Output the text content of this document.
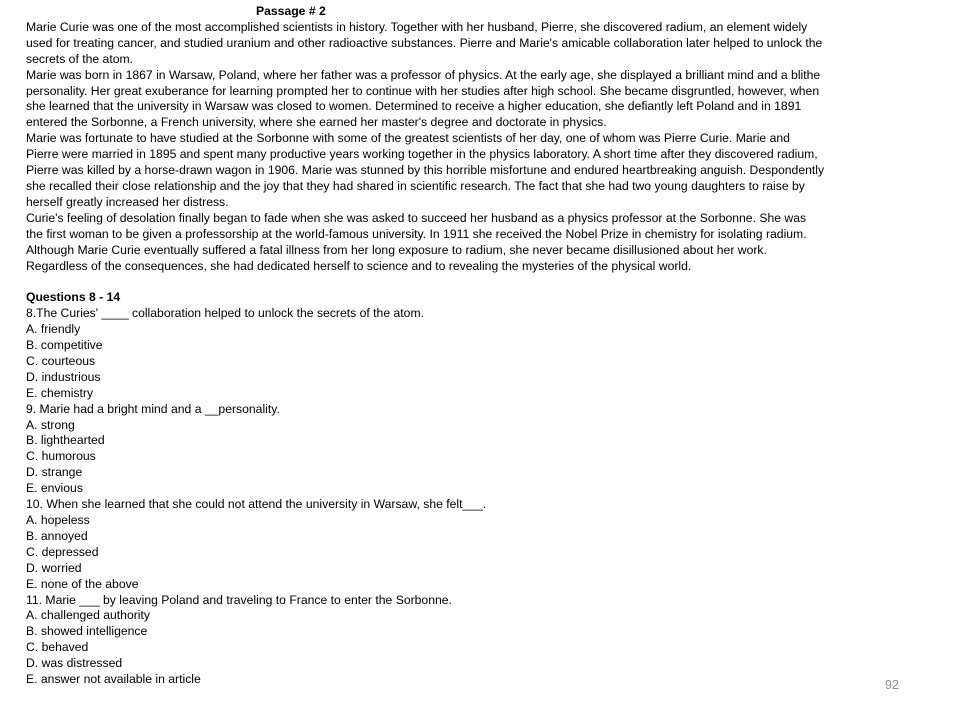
Passage # 2
Marie Curie was one of the most accomplished scientists in history. Together with her husband, Pierre, she discovered radium, an element widely
used for treating cancer, and studied uranium and other radioactive substances. Pierre and Marie's amicable collaboration later helped to unlock the
secrets of the atom.
Marie was born in 1867 in Warsaw, Poland, where her father was a professor of physics. At the early age, she displayed a brilliant mind and a blithe
personality. Her great exuberance for learning prompted her to continue with her studies after high school. She became disgruntled, however, when
she learned that the university in Warsaw was closed to women. Determined to receive a higher education, she defiantly left Poland and in 1891
entered the Sorbonne, a French university, where she earned her master's degree and doctorate in physics.
Marie was fortunate to have studied at the Sorbonne with some of the greatest scientists of her day, one of whom was Pierre Curie. Marie and
Pierre were married in 1895 and spent many productive years working together in the physics laboratory. A short time after they discovered radium,
Pierre was killed by a horse-drawn wagon in 1906. Marie was stunned by this horrible misfortune and endured heartbreaking anguish. Despondently
she recalled their close relationship and the joy that they had shared in scientific research. The fact that she had two young daughters to raise by
herself greatly increased her distress.
Curie's feeling of desolation finally began to fade when she was asked to succeed her husband as a physics professor at the Sorbonne. She was
the first woman to be given a professorship at the world-famous university. In 1911 she received the Nobel Prize in chemistry for isolating radium.
Although Marie Curie eventually suffered a fatal illness from her long exposure to radium, she never became disillusioned about her work.
Regardless of the consequences, she had dedicated herself to science and to revealing the mysteries of the physical world.
Questions 8 - 14
8.The Curies' ____ collaboration helped to unlock the secrets of the atom.
A. friendly
B. competitive
C. courteous
D. industrious
E. chemistry
9. Marie had a bright mind and a __personality.
A. strong
B. lighthearted
C. humorous
D. strange
E. envious
10. When she learned that she could not attend the university in Warsaw, she felt___.
A. hopeless
B. annoyed
C. depressed
D. worried
E. none of the above
11. Marie ___ by leaving Poland and traveling to France to enter the Sorbonne.
A. challenged authority
B. showed intelligence
C. behaved
D. was distressed
E. answer not available in article	92
